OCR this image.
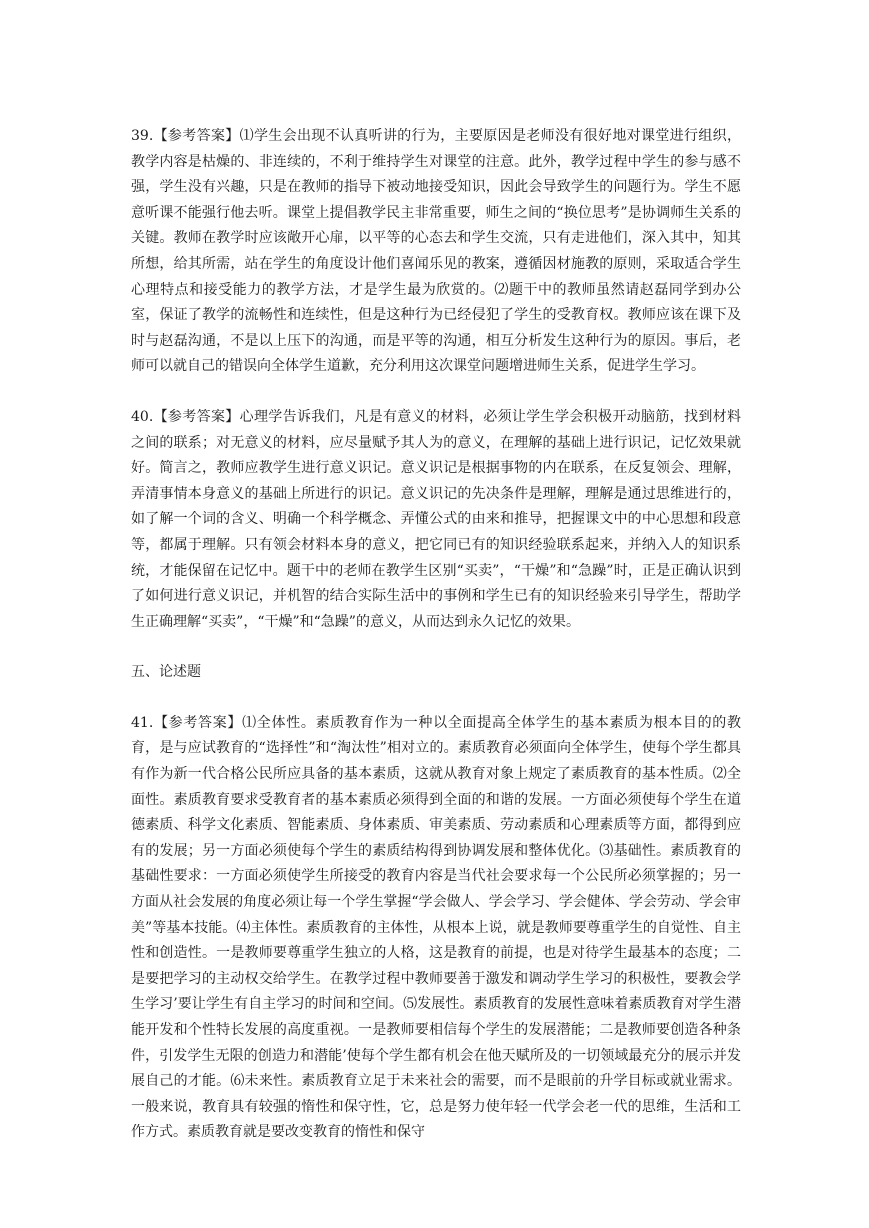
39.【参考答案】⑴学生会出现不认真听讲的行为，主要原因是老师没有很好地对课堂进行组织，教学内容是枯燥的、非连续的，不利于维持学生对课堂的注意。此外，教学过程中学生的参与感不强，学生没有兴趣，只是在教师的指导下被动地接受知识，因此会导致学生的问题行为。学生不愿意听课不能强行他去听。课堂上提倡教学民主非常重要，师生之间的“换位思考”是协调师生关系的关键。教师在教学时应该敞开心扉，以平等的心态去和学生交流，只有走进他们，深入其中，知其所想，给其所需，站在学生的角度设计他们喜闻乐见的教案，遵循因材施教的原则，采取适合学生心理特点和接受能力的教学方法，才是学生最为欣赏的。⑵题干中的教师虽然请赵磊同学到办公室，保证了教学的流畅性和连续性，但是这种行为已经侵犯了学生的受教育权。教师应该在课下及时与赵磊沟通，不是以上压下的沟通，而是平等的沟通，相互分析发生这种行为的原因。事后，老师可以就自己的错误向全体学生道歉，充分利用这次课堂问题增进师生关系，促进学生学习。

40.【参考答案】心理学告诉我们，凡是有意义的材料，必须让学生学会积极开动脑筋，找到材料之间的联系；对无意义的材料，应尽量赋予其人为的意义，在理解的基础上进行识记，记忆效果就好。简言之，教师应教学生进行意义识记。意义识记是根据事物的内在联系，在反复领会、理解，弄清事情本身意义的基础上所进行的识记。意义识记的先决条件是理解，理解是通过思维进行的，如了解一个词的含义、明确一个科学概念、弄懂公式的由来和推导，把握课文中的中心思想和段意等，都属于理解。只有领会材料本身的意义，把它同已有的知识经验联系起来，并纳入人的知识系统，才能保留在记忆中。题干中的老师在教学生区别“买卖”，“干燥”和“急躁”时，正是正确认识到了如何进行意义识记，并机智的结合实际生活中的事例和学生已有的知识经验来引导学生，帮助学生正确理解“买卖”，“干燥”和“急躁”的意义，从而达到永久记忆的效果。

五、论述题

41.【参考答案】⑴全体性。素质教育作为一种以全面提高全体学生的基本素质为根本目的的教育，是与应试教育的“选择性”和“淘汰性”相对立的。素质教育必须面向全体学生，使每个学生都具有作为新一代合格公民所应具备的基本素质，这就从教育对象上规定了素质教育的基本性质。⑵全面性。素质教育要求受教育者的基本素质必须得到全面的和谐的发展。一方面必须使每个学生在道德素质、科学文化素质、智能素质、身体素质、审美素质、劳动素质和心理素质等方面，都得到应有的发展；另一方面必须使每个学生的素质结构得到协调发展和整体优化。⑶基础性。素质教育的基础性要求：一方面必须使学生所接受的教育内容是当代社会要求每一个公民所必须掌握的；另一方面从社会发展的角度必须让每一个学生掌握“学会做人、学会学习、学会健体、学会劳动、学会审美”等基本技能。⑷主体性。素质教育的主体性，从根本上说，就是教师要尊重学生的自觉性、自主性和创造性。一是教师要尊重学生独立的人格，这是教育的前提，也是对待学生最基本的态度；二是要把学习的主动权交给学生。在教学过程中教师要善于激发和调动学生学习的积极性，要教会学生学习’要让学生有自主学习的时间和空间。⑸发展性。素质教育的发展性意味着素质教育对学生潜能开发和个性特长发展的高度重视。一是教师要相信每个学生的发展潜能；二是教师要创造各种条件，引发学生无限的创造力和潜能’使每个学生都有机会在他天赋所及的一切领域最充分的展示并发展自己的才能。⑹未来性。素质教育立足于未来社会的需要，而不是眼前的升学目标或就业需求。一般来说，教育具有较强的惰性和保守性，它，总是努力使年轻一代学会老一代的思维，生活和工作方式。素质教育就是要改变教育的惰性和保守
